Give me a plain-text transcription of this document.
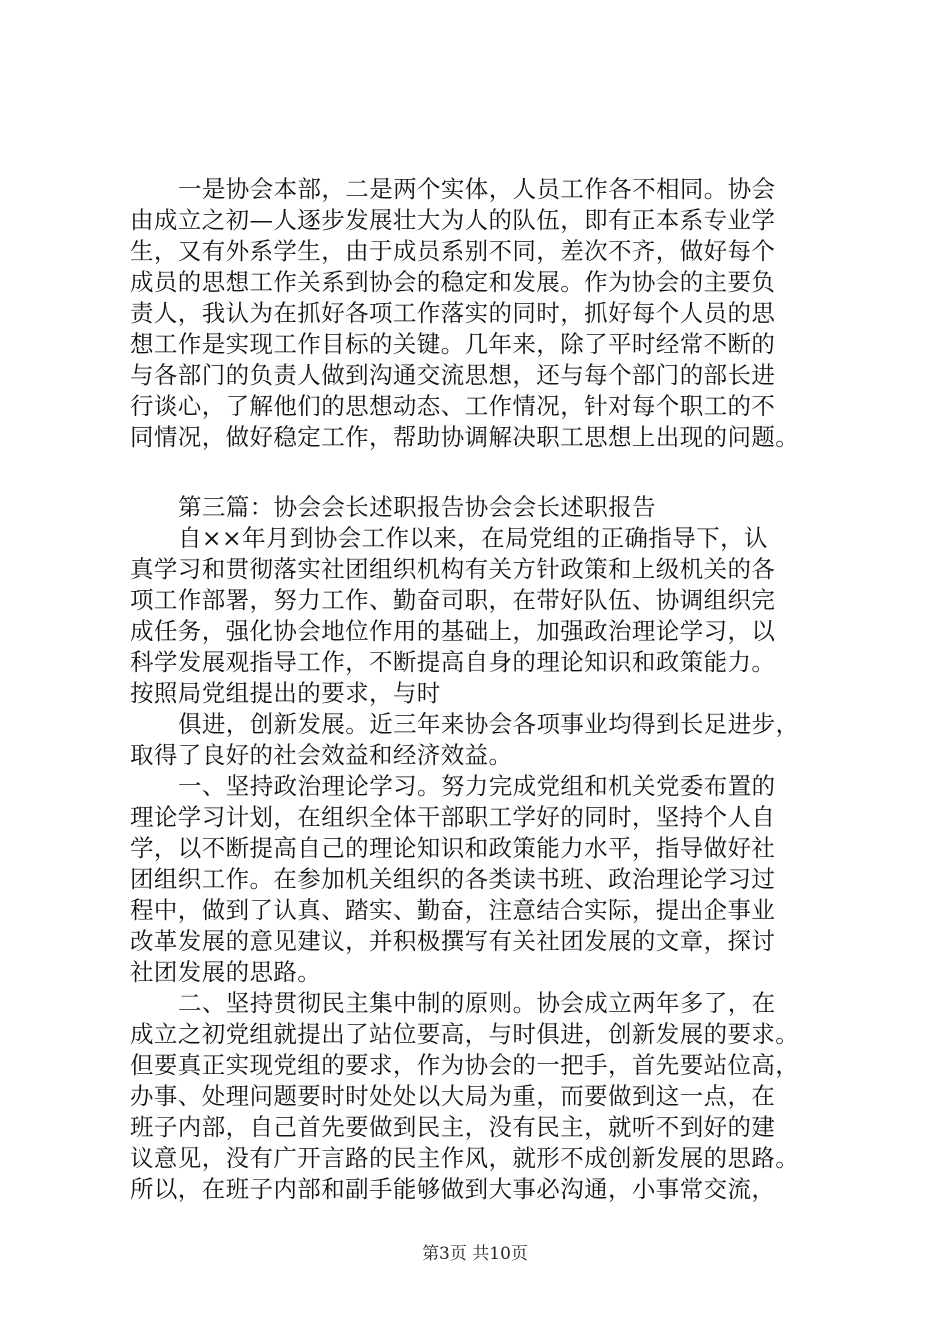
一是协会本部，二是两个实体，人员工作各不相同。协会
由成立之初—人逐步发展壮大为人的队伍，即有正本系专业学
生，又有外系学生，由于成员系别不同，差次不齐，做好每个
成员的思想工作关系到协会的稳定和发展。作为协会的主要负
责人，我认为在抓好各项工作落实的同时，抓好每个人员的思
想工作是实现工作目标的关键。几年来，除了平时经常不断的
与各部门的负责人做到沟通交流思想，还与每个部门的部长进
行谈心，了解他们的思想动态、工作情况，针对每个职工的不
同情况，做好稳定工作，帮助协调解决职工思想上出现的问题。
第三篇：协会会长述职报告协会会长述职报告
自××年月到协会工作以来，在局党组的正确指导下，认
真学习和贯彻落实社团组织机构有关方针政策和上级机关的各
项工作部署，努力工作、勤奋司职，在带好队伍、协调组织完
成任务，强化协会地位作用的基础上，加强政治理论学习，以
科学发展观指导工作，不断提高自身的理论知识和政策能力。
按照局党组提出的要求，与时
俱进，创新发展。近三年来协会各项事业均得到长足进步，
取得了良好的社会效益和经济效益。
一、坚持政治理论学习。努力完成党组和机关党委布置的
理论学习计划，在组织全体干部职工学好的同时，坚持个人自
学，以不断提高自己的理论知识和政策能力水平，指导做好社
团组织工作。在参加机关组织的各类读书班、政治理论学习过
程中，做到了认真、踏实、勤奋，注意结合实际，提出企事业
改革发展的意见建议，并积极撰写有关社团发展的文章，探讨
社团发展的思路。
二、坚持贯彻民主集中制的原则。协会成立两年多了，在
成立之初党组就提出了站位要高，与时俱进，创新发展的要求。
但要真正实现党组的要求，作为协会的一把手，首先要站位高，
办事、处理问题要时时处处以大局为重，而要做到这一点，在
班子内部，自己首先要做到民主，没有民主，就听不到好的建
议意见，没有广开言路的民主作风，就形不成创新发展的思路。
所以，在班子内部和副手能够做到大事必沟通，小事常交流，
第3页 共10页
